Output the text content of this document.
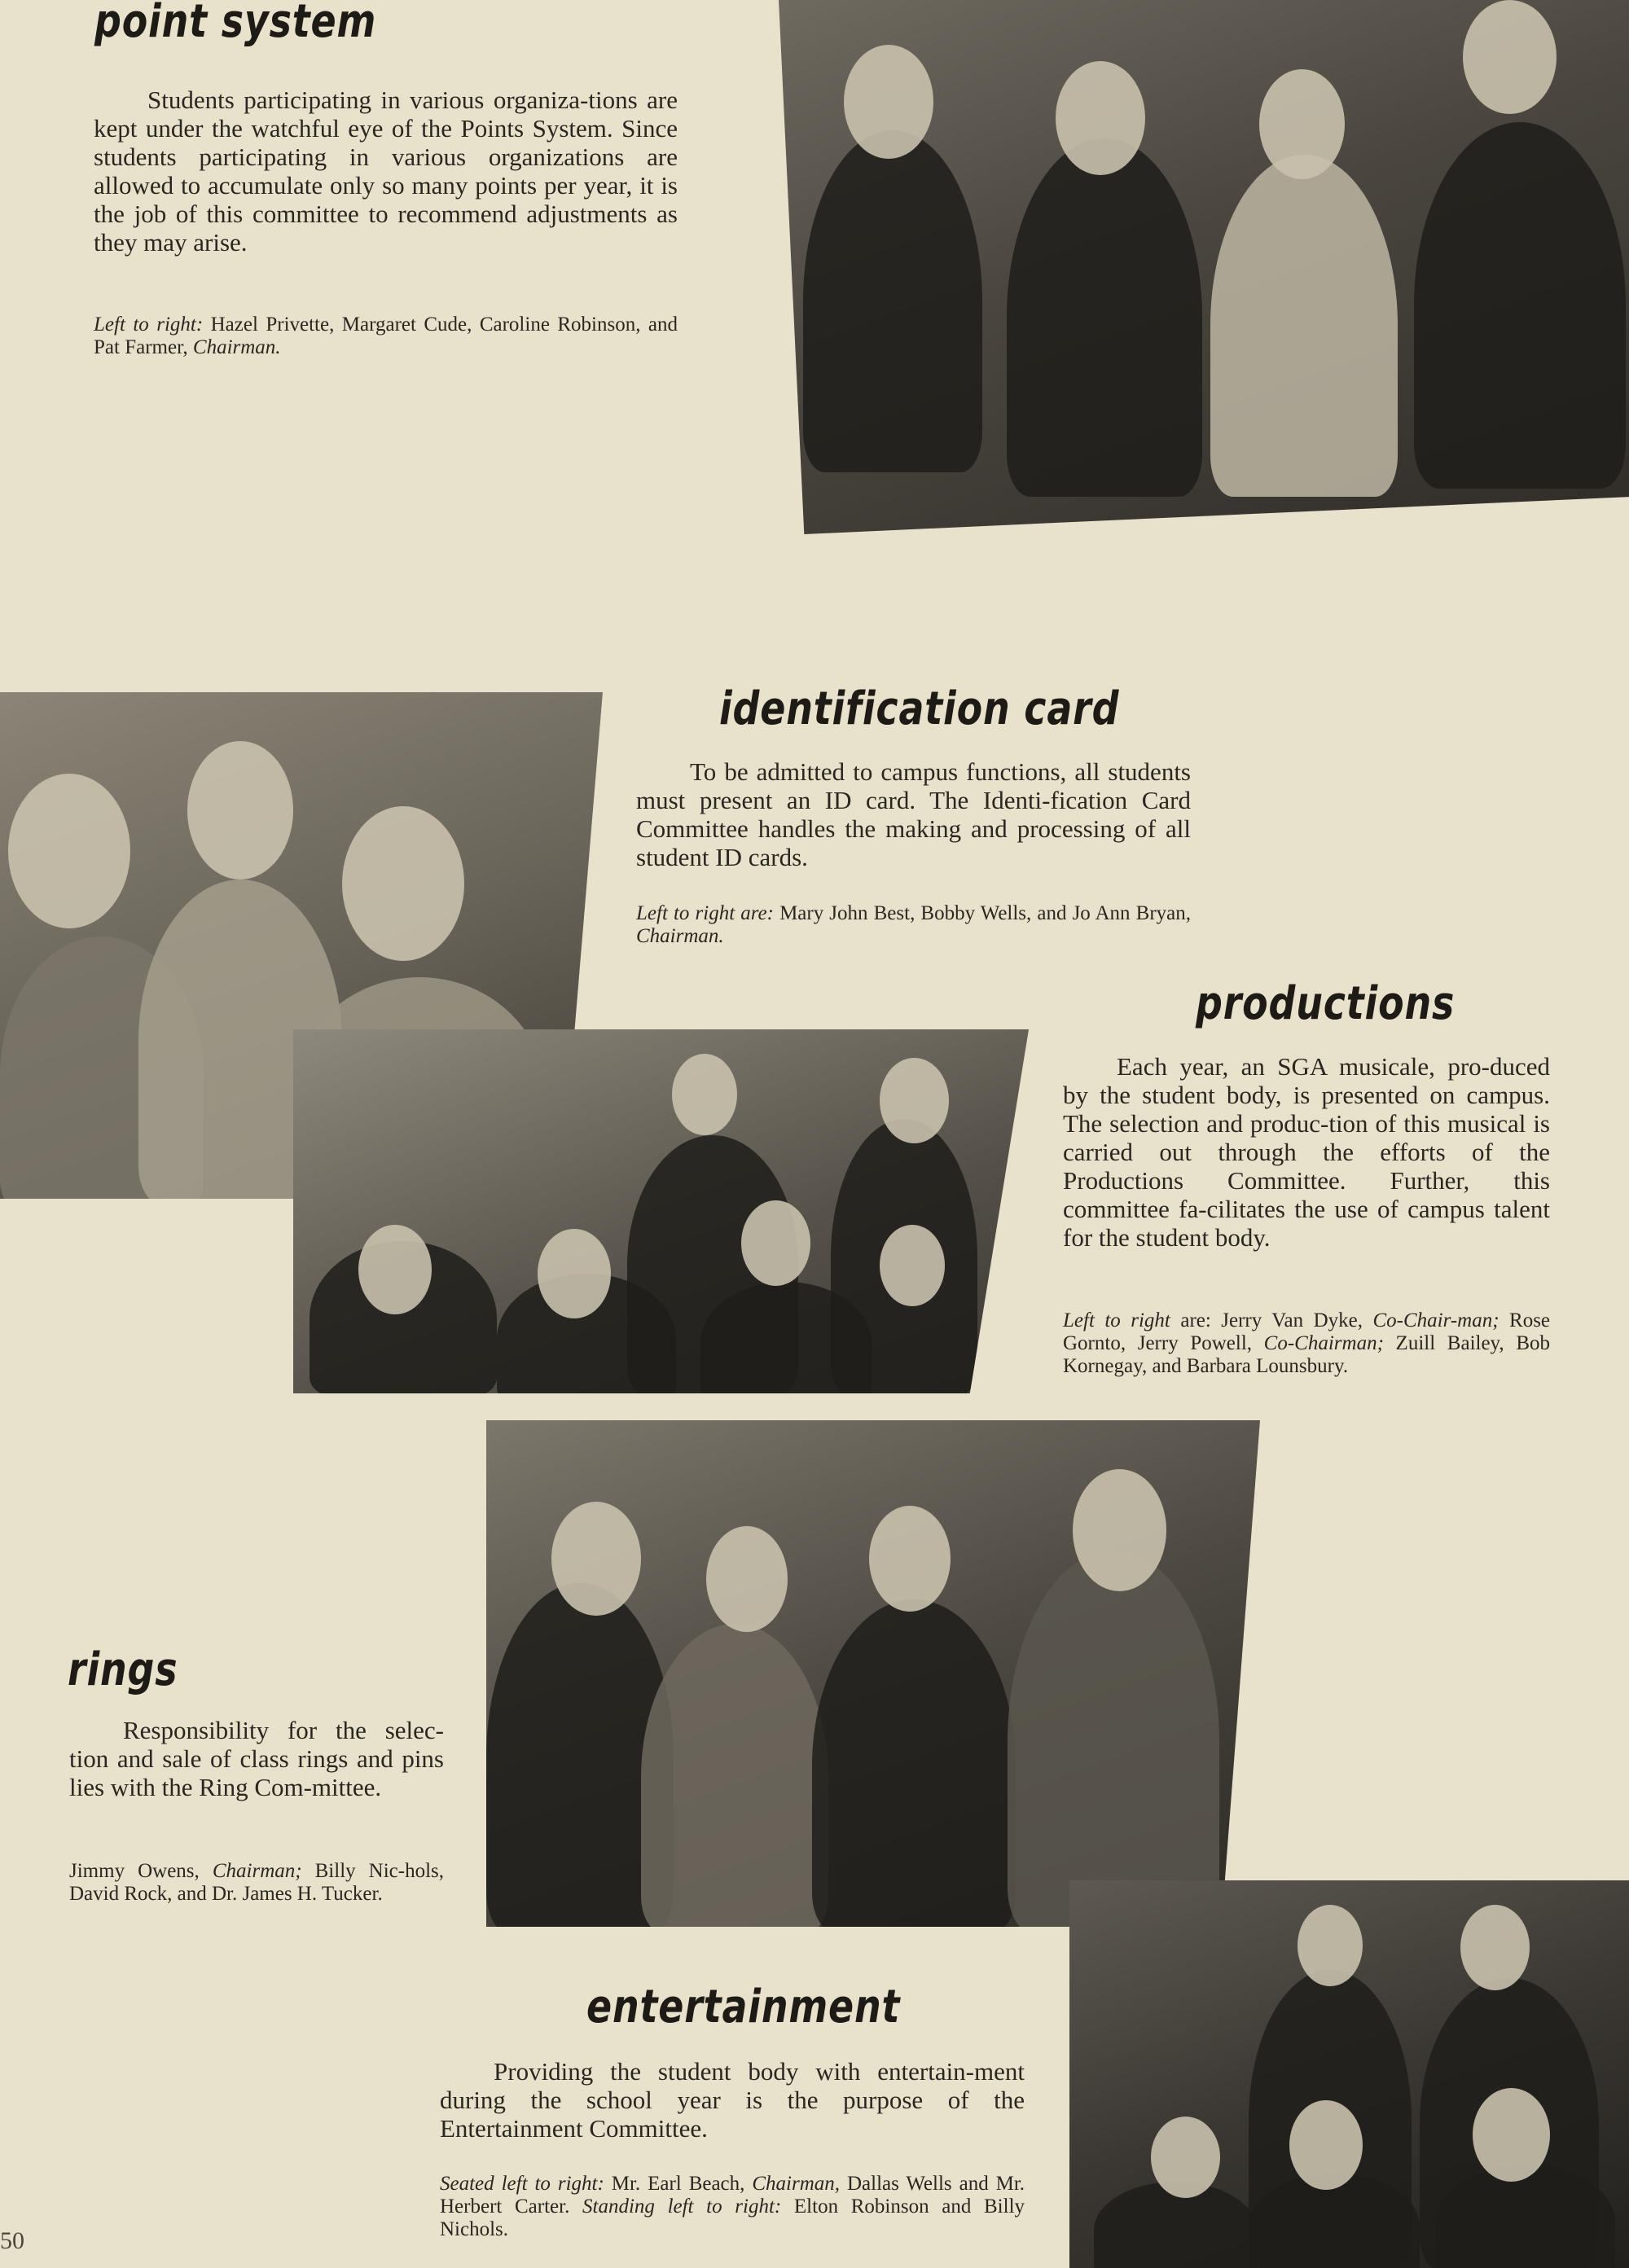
point system

Students participating in various organiza-tions are kept under the watchful eye of the Points System. Since students participating in various organizations are allowed to accumulate only so many points per year, it is the job of this committee to recommend adjustments as they may arise.

Left to right: Hazel Privette, Margaret Cude, Caroline Robinson, and Pat Farmer, Chairman.

identification card

To be admitted to campus functions, all students must present an ID card. The Identi-fication Card Committee handles the making and processing of all student ID cards.

Left to right are: Mary John Best, Bobby Wells, and Jo Ann Bryan, Chairman.

productions

Each year, an SGA musicale, pro-duced by the student body, is presented on campus. The selection and produc-tion of this musical is carried out through the efforts of the Productions Committee. Further, this committee fa-cilitates the use of campus talent for the student body.

Left to right are: Jerry Van Dyke, Co-Chair-man; Rose Gornto, Jerry Powell, Co-Chairman; Zuill Bailey, Bob Kornegay, and Barbara Lounsbury.

rings

Responsibility for the selec-tion and sale of class rings and pins lies with the Ring Com-mittee.

Jimmy Owens, Chairman; Billy Nic-hols, David Rock, and Dr. James H. Tucker.

entertainment

Providing the student body with entertain-ment during the school year is the purpose of the Entertainment Committee.

Seated left to right: Mr. Earl Beach, Chairman, Dallas Wells and Mr. Herbert Carter. Standing left to right: Elton Robinson and Billy Nichols.

50
